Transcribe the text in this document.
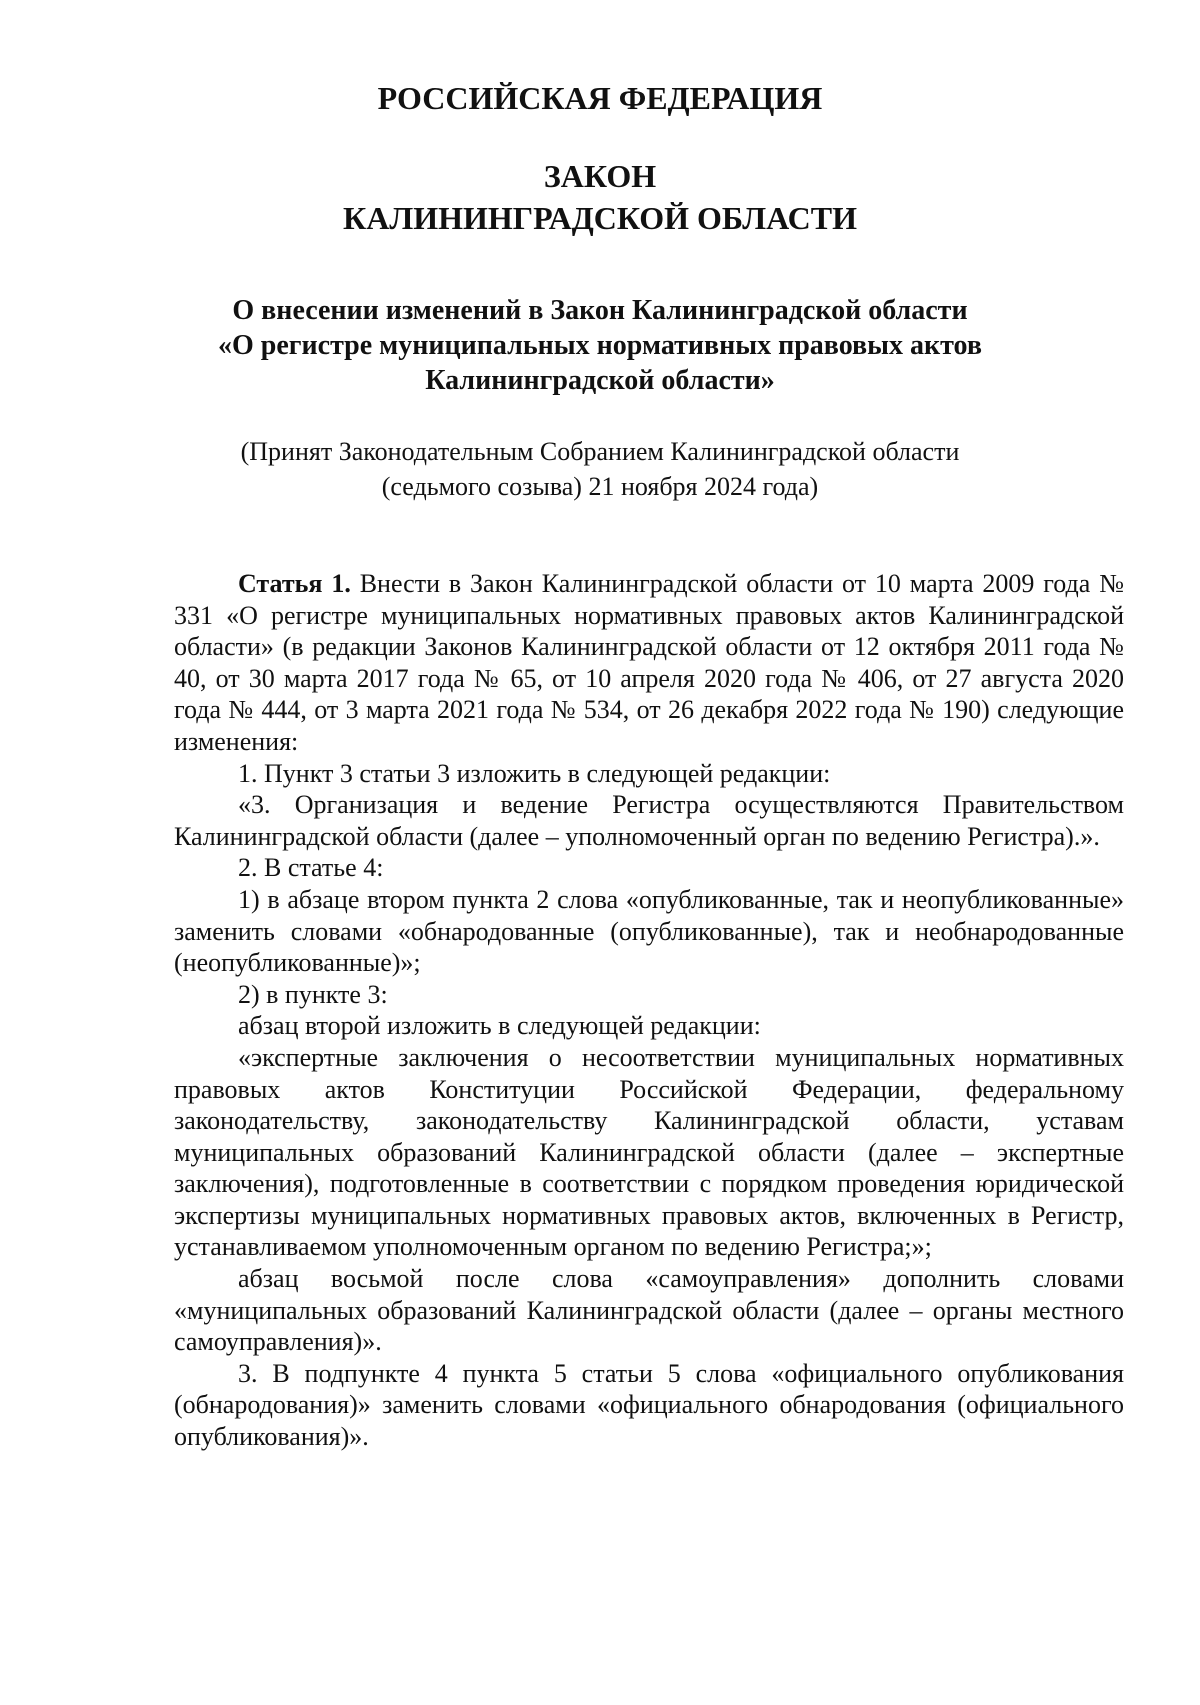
РОССИЙСКАЯ ФЕДЕРАЦИЯ
ЗАКОН
КАЛИНИНГРАДСКОЙ ОБЛАСТИ
О внесении изменений в Закон Калининградской области
«О регистре муниципальных нормативных правовых актов
Калининградской области»
(Принят Законодательным Собранием Калининградской области
(седьмого созыва) 21 ноября 2024 года)

Статья 1. Внести в Закон Калининградской области от 10 марта 2009 года № 331 «О регистре муниципальных нормативных правовых актов Калининградской области» (в редакции Законов Калининградской области от 12 октября 2011 года № 40, от 30 марта 2017 года № 65, от 10 апреля 2020 года № 406, от 27 августа 2020 года № 444, от 3 марта 2021 года № 534, от 26 декабря 2022 года № 190) следующие изменения:

1. Пункт 3 статьи 3 изложить в следующей редакции:

«3. Организация и ведение Регистра осуществляются Правительством Калининградской области (далее – уполномоченный орган по ведению Регистра).».

2. В статье 4:

1) в абзаце втором пункта 2 слова «опубликованные, так и неопубликованные» заменить словами «обнародованные (опубликованные), так и необнародованные (неопубликованные)»;

2) в пункте 3:

абзац второй изложить в следующей редакции:

«экспертные заключения о несоответствии муниципальных нормативных правовых актов Конституции Российской Федерации, федеральному законодательству, законодательству Калининградской области, уставам муниципальных образований Калининградской области (далее – экспертные заключения), подготовленные в соответствии с порядком проведения юридической экспертизы муниципальных нормативных правовых актов, включенных в Регистр, устанавливаемом уполномоченным органом по ведению Регистра;»;

абзац восьмой после слова «самоуправления» дополнить словами «муниципальных образований Калининградской области (далее – органы местного самоуправления)».

3. В подпункте 4 пункта 5 статьи 5 слова «официального опубликования (обнародования)» заменить словами «официального обнародования (официального опубликования)».
